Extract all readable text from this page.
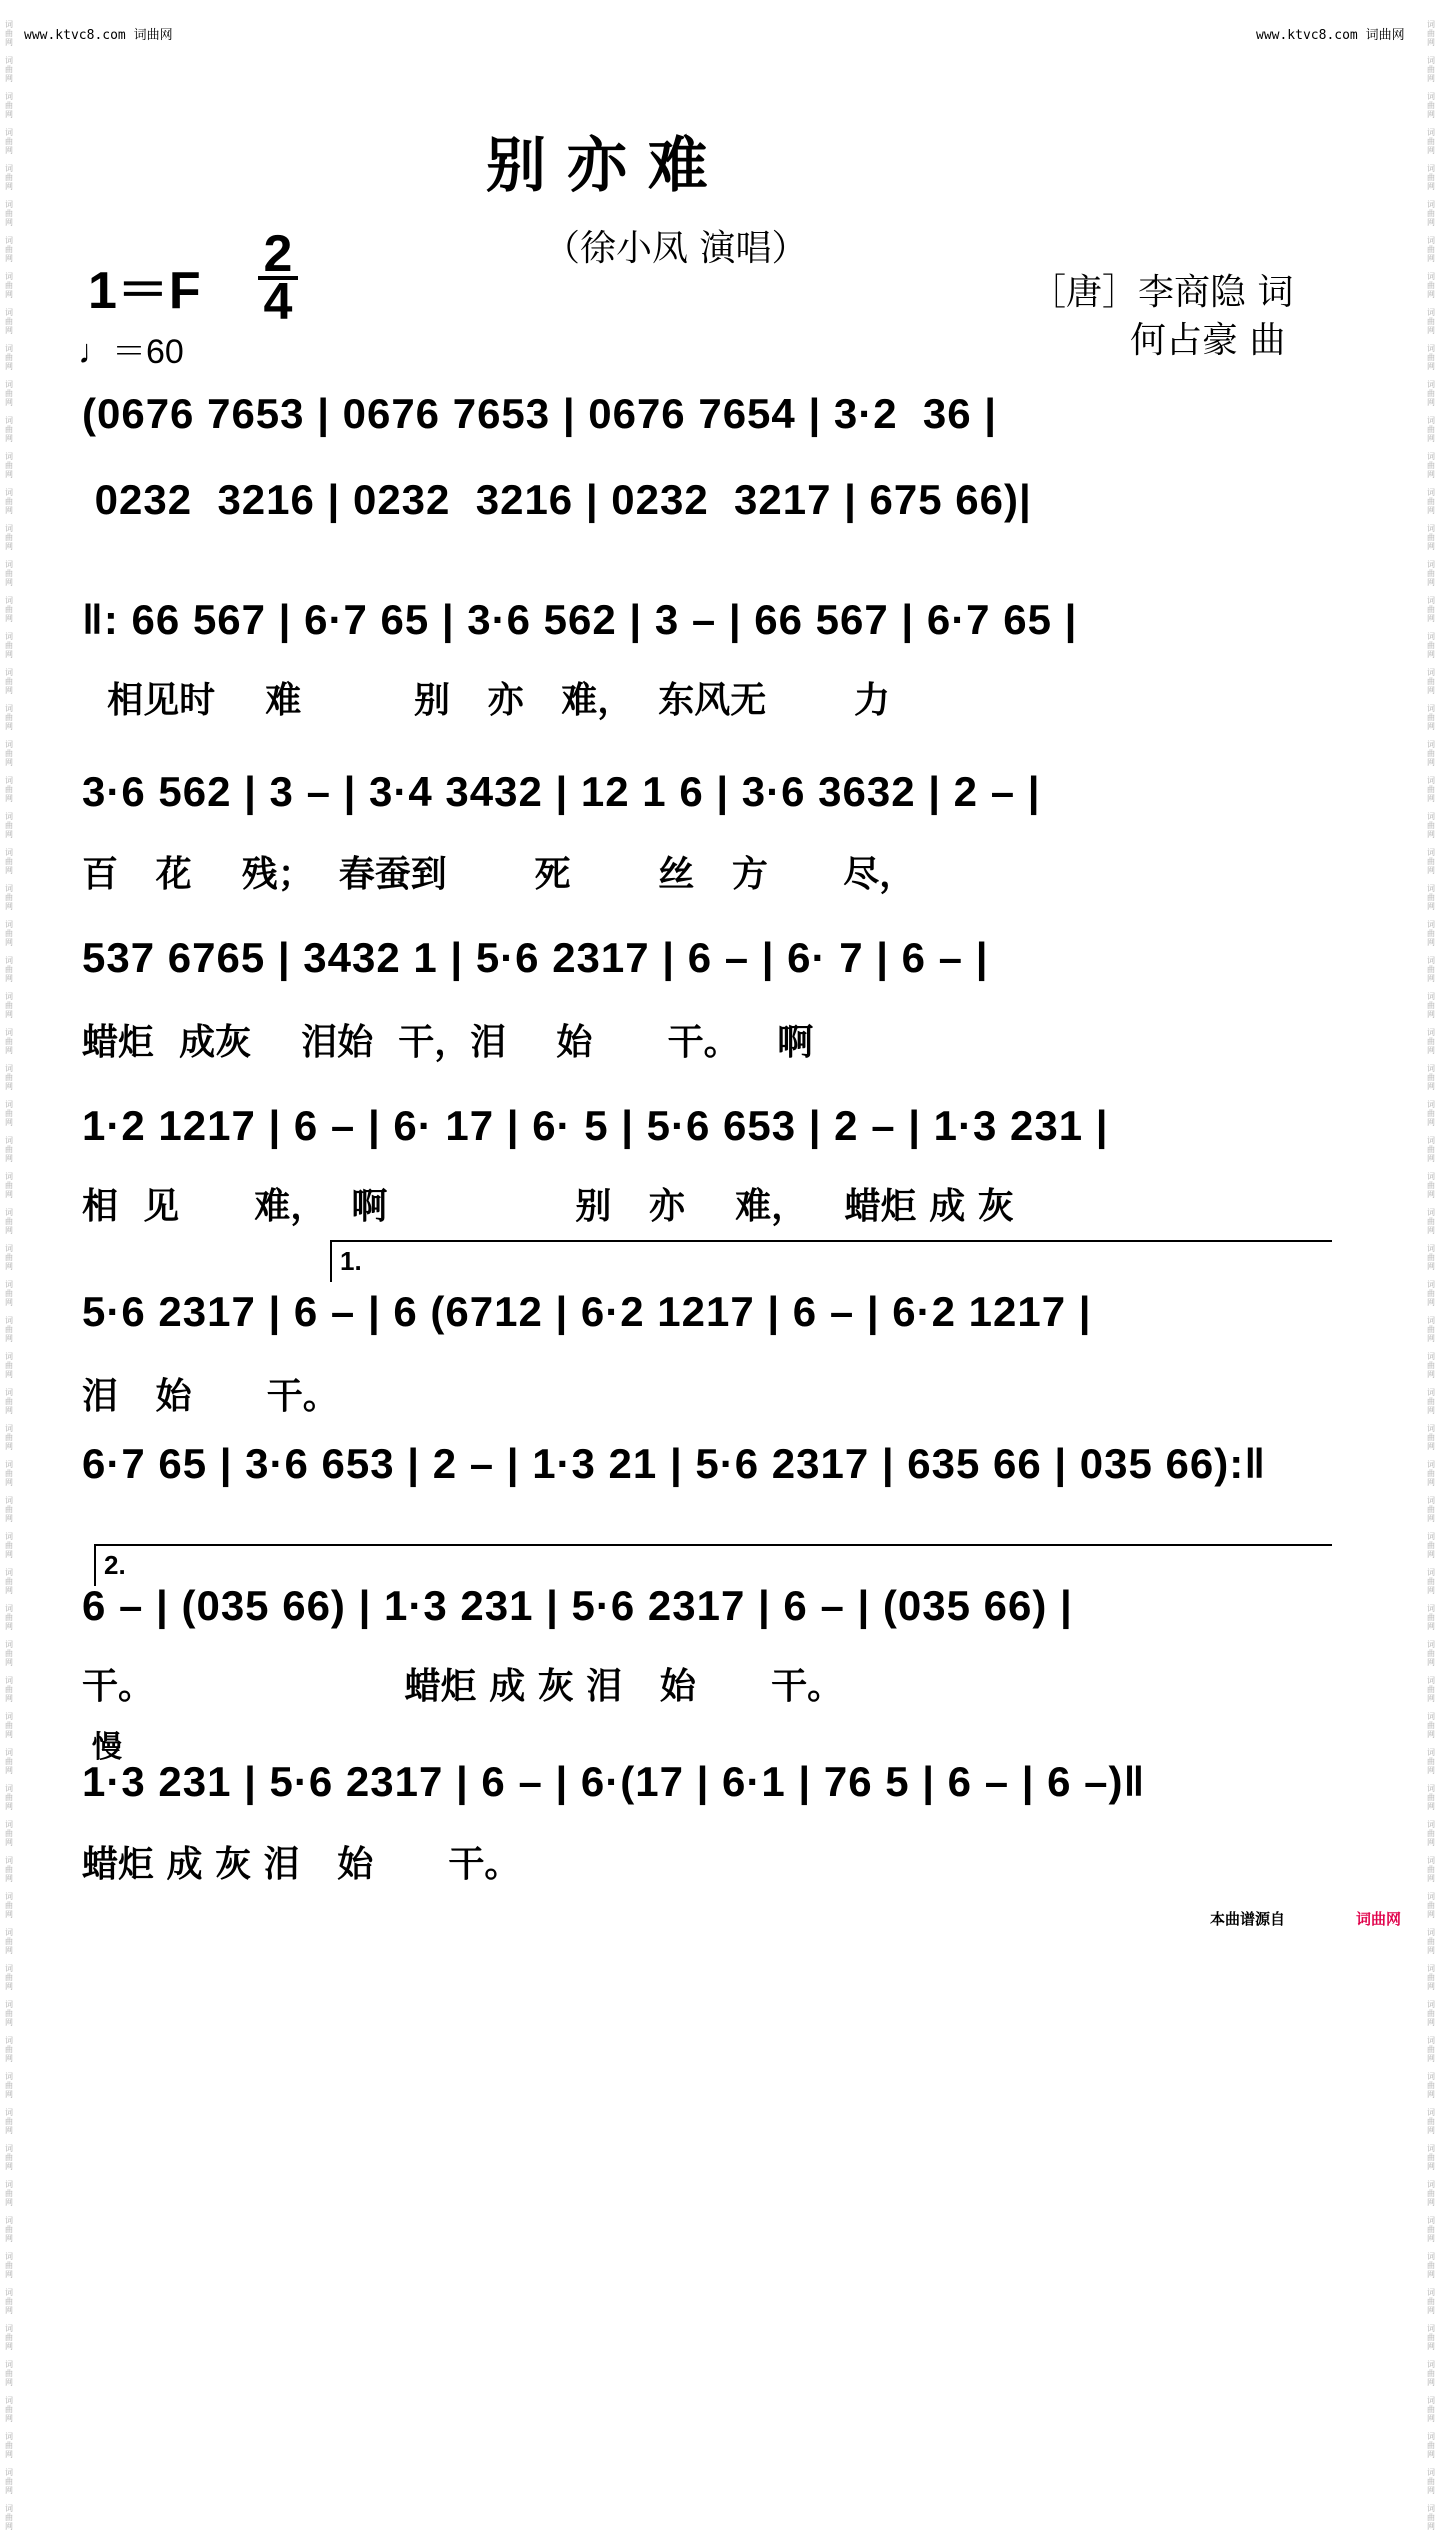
www.ktvc8.com 词曲网	www.ktvc8.com 词曲网
词
曲
网

词
曲
网

词
曲
网

词
曲
网

词
曲
网

词
曲
网

词
曲
网

词
曲
网

词
曲
网

词
曲
网

词
曲
网

词
曲
网

词
曲
网

词
曲
网

词
曲
网

词
曲
网

词
曲
网

词
曲
网

词
曲
网

词
曲
网

词
曲
网

词
曲
网

词
曲
网

词
曲
网

词
曲
网

词
曲
网

词
曲
网

词
曲
网

词
曲
网

词
曲
网

词
曲
网

词
曲
网

词
曲
网

词
曲
网

词
曲
网

词
曲
网

词
曲
网

词
曲
网

词
曲
网

词
曲
网

词
曲
网

词
曲
网

词
曲
网

词
曲
网

词
曲
网

词
曲
网

词
曲
网

词
曲
网

词
曲
网

词
曲
网

词
曲
网

词
曲
网

词
曲
网

词
曲
网

词
曲
网

词
曲
网

词
曲
网

词
曲
网

词
曲
网

词
曲
网

词
曲
网

词
曲
网

词
曲
网

词
曲
网

词
曲
网

词
曲
网

词
曲
网

词
曲
网

词
曲
网

词
曲
网

词
曲
网

词
曲
网

词
曲
网

词
曲
网

词
曲
网

词
曲
网

词
曲
网

词
曲
网

词
曲
网

词
曲
网

词
曲
网

词
曲
网

词
曲
网

词
曲
网

词
曲
网

词
曲
网

词
曲
网

词
曲
网

词
曲
网

词
曲
网

词
曲
网

词
曲
网

词
曲
网

词
曲
网

词
曲
网

词
曲
网

词
曲
网

词
曲
网

词
曲
网

词
曲
网

词
曲
网

词
曲
网

词
曲
网

词
曲
网

词
曲
网

词
曲
网

词
曲
网

词
曲
网

词
曲
网

词
曲
网

词
曲
网

词
曲
网

词
曲
网

词
曲
网

词
曲
网

词
曲
网

词
曲
网

词
曲
网

词
曲
网

词
曲
网

词
曲
网

词
曲
网

词
曲
网

词
曲
网

词
曲
网

词
曲
网

词
曲
网

词
曲
网

词
曲
网

词
曲
网

词
曲
网

词
曲
网

词
曲
网

词
曲
网

词
曲
网

词
曲
网

词
曲
网

词
曲
网

词
曲
网

词
曲
网

别 亦 难
（徐小凤 演唱）
［唐］李商隐 词
何占豪 曲
1＝F
2
4
♩＝60
(0676 7653 | 0676 7653 | 0676 7654 | 3·2  36 |
0232  3216 | 0232  3216 | 0232  3217 | 675 66)|
‖: 66 567 | 6·7 65 | 3·6 562 | 3 – | 66 567 | 6·7 65 |
相见时    难         别   亦   难，  东风无       力
3·6 562 | 3 – | 3·4 3432 | 12 1 6 | 3·6 3632 | 2 – |
百   花    残；  春蚕到       死       丝   方      尽，
537 6765 | 3432 1 | 5·6 2317 | 6 – | 6· 7 | 6 – |
蜡炬  成灰    泪始  干，泪    始      干。   啊
1·2 1217 | 6 – | 6· 17 | 6· 5 | 5·6 653 | 2 – | 1·3 231 |
相  见      难，  啊               别   亦    难，   蜡炬 成 灰
1.
5·6 2317 | 6 – | 6 (6712 | 6·2 1217 | 6 – | 6·2 1217 |
泪   始      干。
6·7 65 | 3·6 653 | 2 – | 1·3 21 | 5·6 2317 | 635 66 | 035 66):‖
2.
6 – | (035 66) | 1·3 231 | 5·6 2317 | 6 – | (035 66) |
干。                    蜡炬 成 灰 泪   始      干。
慢
1·3 231 | 5·6 2317 | 6 – | 6·(17 | 6·1 | 76 5 | 6 – | 6 –)‖
蜡炬 成 灰 泪   始      干。
本曲谱源自	词曲网
